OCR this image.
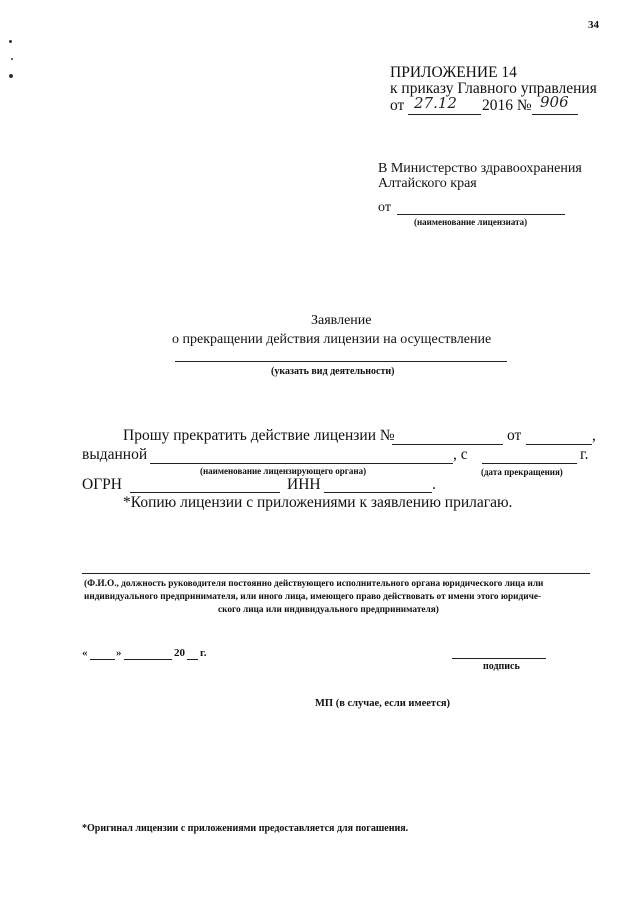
34
ПРИЛОЖЕНИЕ 14
к приказу Главного управления
от 27.12 2016 № 906
В Министерство здравоохранения
Алтайского края
от
(наименование лицензиата)
Заявление
о прекращении действия лицензии на осуществление
(указать вид деятельности)
Прошу прекратить действие лицензии №	от	,
выданной	, с	г.
(наименование лицензирующего органа)	(дата прекращения)
ОГРН	ИНН	.
*Копию лицензии с приложениями к заявлению прилагаю.
(Ф.И.О., должность руководителя постоянно действующего исполнительного органа юридического лица или
индивидуального предпринимателя, или иного лица, имеющего право действовать от имени этого юридиче-
ского лица или индивидуального предпринимателя)
«	»	20 г.
подпись
МП (в случае, если имеется)
*Оригинал лицензии с приложениями предоставляется для погашения.
